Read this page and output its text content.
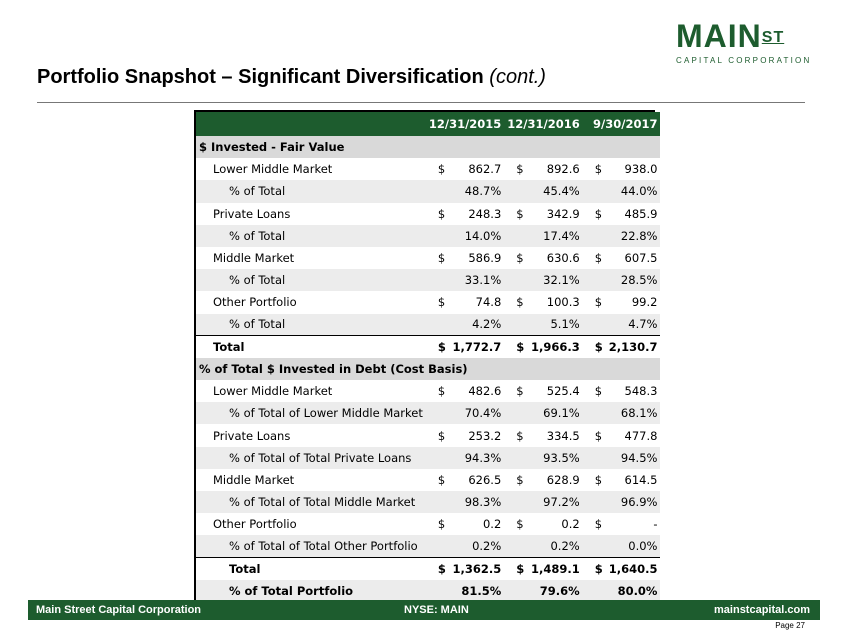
$MAIN^{ST}$
CAPITAL CORPORATION
Portfolio Snapshot – Significant Diversification (cont.)
	12/31/2015		12/31/2016		9/30/2017	
$ Invested - Fair Value						
Lower Middle Market	$	862.7	$	892.6	$	938.0
% of Total		48.7%		45.4%		44.0%
Private Loans	$	248.3	$	342.9	$	485.9
% of Total		14.0%		17.4%		22.8%
Middle Market	$	586.9	$	630.6	$	607.5
% of Total		33.1%		32.1%		28.5%
Other Portfolio	$	74.8	$	100.3	$	99.2
% of Total		4.2%		5.1%		4.7%
Total	$	1,772.7	$	1,966.3	$	2,130.7
% of Total $ Invested in Debt (Cost Basis)						
Lower Middle Market	$	482.6	$	525.4	$	548.3
% of Total of Lower Middle Market		70.4%		69.1%		68.1%
Private Loans	$	253.2	$	334.5	$	477.8
% of Total of Total Private Loans		94.3%		93.5%		94.5%
Middle Market	$	626.5	$	628.9	$	614.5
% of Total of Total Middle Market		98.3%		97.2%		96.9%
Other Portfolio	$	0.2	$	0.2	$	-
% of Total of Total Other Portfolio		0.2%		0.2%		0.0%
Total	$	1,362.5	$	1,489.1	$	1,640.5
% of Total Portfolio		81.5%		79.6%		80.0%
Main Street Capital Corporation	NYSE: MAIN	mainstcapital.com
Page 27
